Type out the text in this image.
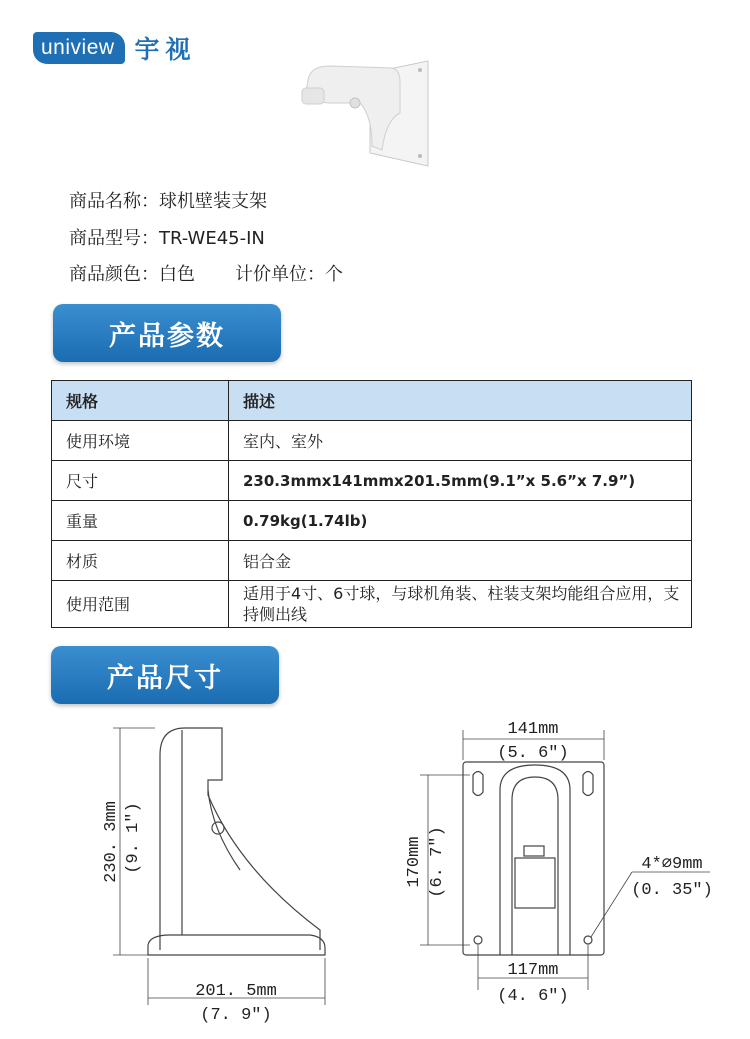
uniview 宇视
商品名称：球机壁装支架
商品型号：TR-WE45-IN
商品颜色：白色 计价单位：个
产品参数
规格	描述
使用环境	室内、室外
尺寸	230.3mmx141mmx201.5mm(9.1”x 5.6”x 7.9”)
重量	0.79kg(1.74lb)
材质	铝合金
使用范围	适用于4寸、6寸球，与球机角装、柱装支架均能组合应用，支持侧出线
产品尺寸
230. 3mm (9. 1")
201. 5mm
(7. 9")
141mm
(5. 6")
170mm (6. 7")
117mm
(4. 6")
4*∅9mm
(0. 35")
